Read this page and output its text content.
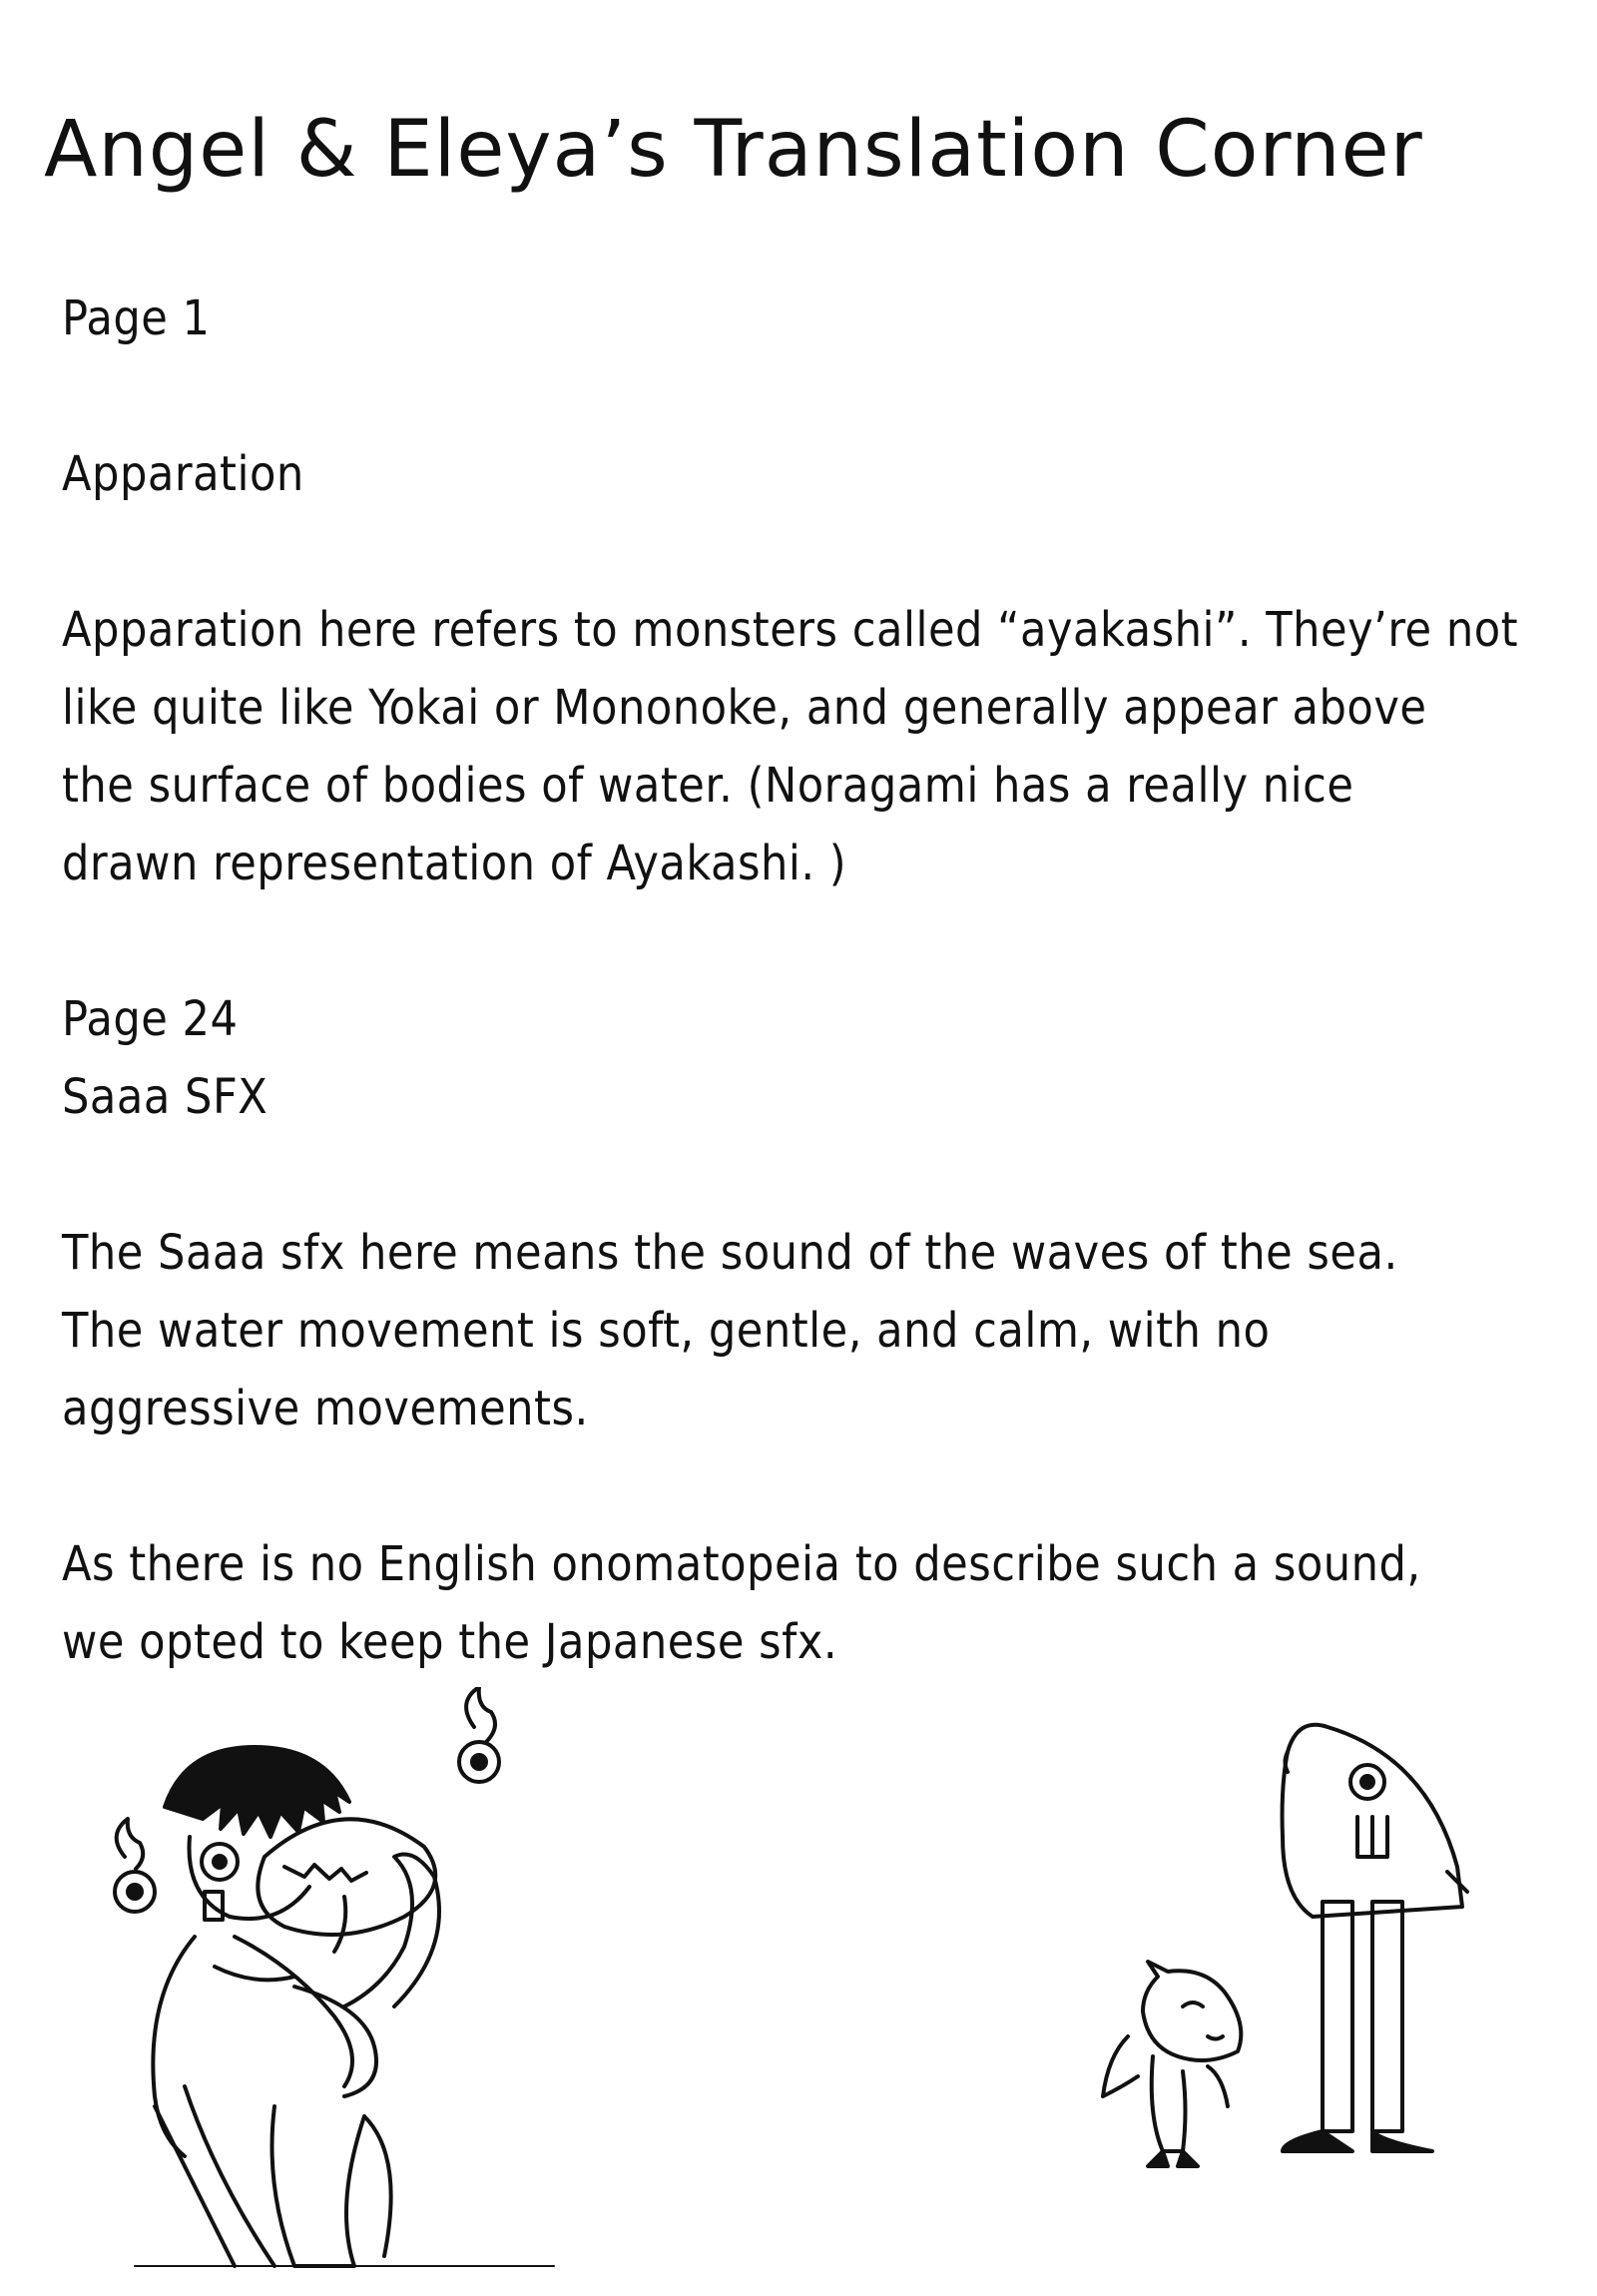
Angel & Eleya’s Translation Corner
Page 1
Apparation
Apparation here refers to monsters called “ayakashi”. They’re not
like quite like Yokai or Mononoke, and generally appear above
the surface of bodies of water. (Noragami has a really nice
drawn representation of Ayakashi. )
Page 24
Saaa SFX
The Saaa sfx here means the sound of the waves of the sea.
The water movement is soft, gentle, and calm, with no
aggressive movements.
As there is no English onomatopeia to describe such a sound,
we opted to keep the Japanese sfx.
